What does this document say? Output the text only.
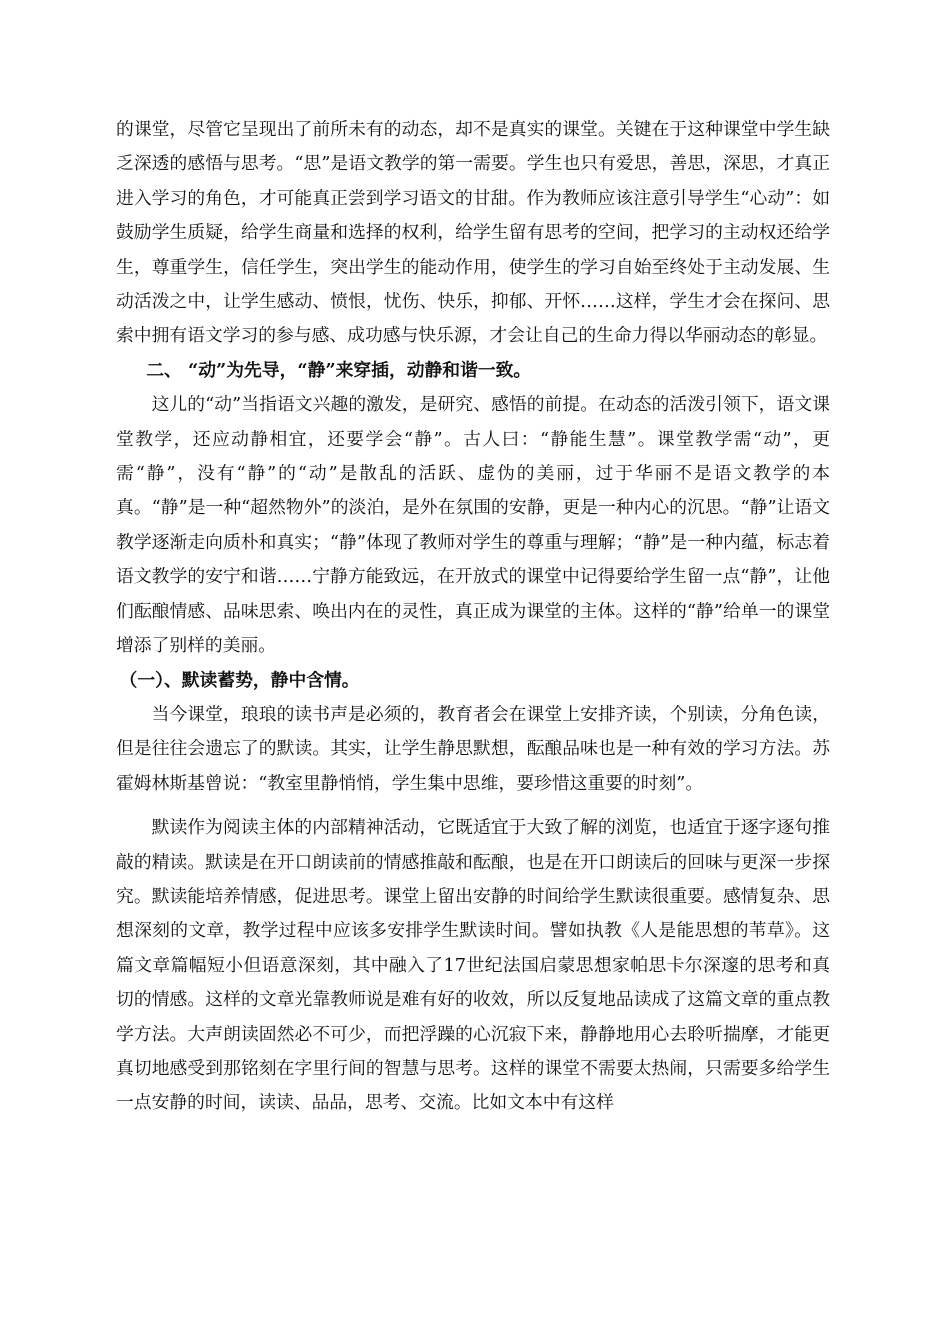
的课堂，尽管它呈现出了前所未有的动态，却不是真实的课堂。关键在于这种课堂中学生缺乏深透的感悟与思考。“思”是语文教学的第一需要。学生也只有爱思，善思，深思，才真正进入学习的角色，才可能真正尝到学习语文的甘甜。作为教师应该注意引导学生“心动”：如鼓励学生质疑，给学生商量和选择的权利，给学生留有思考的空间，把学习的主动权还给学生，尊重学生，信任学生，突出学生的能动作用，使学生的学习自始至终处于主动发展、生动活泼之中，让学生感动、愤恨，忧伤、快乐，抑郁、开怀……这样，学生才会在探问、思索中拥有语文学习的参与感、成功感与快乐源，才会让自己的生命力得以华丽动态的彰显。

二、 “动”为先导，“静”来穿插，动静和谐一致。

这儿的“动”当指语文兴趣的激发，是研究、感悟的前提。在动态的活泼引领下，语文课堂教学，还应动静相宜，还要学会“静”。古人曰：“静能生慧”。课堂教学需“动”，更需“静”，没有“静”的“动”是散乱的活跃、虚伪的美丽，过于华丽不是语文教学的本真。“静”是一种“超然物外”的淡泊，是外在氛围的安静，更是一种内心的沉思。“静”让语文教学逐渐走向质朴和真实；“静”体现了教师对学生的尊重与理解；“静”是一种内蕴，标志着语文教学的安宁和谐……宁静方能致远，在开放式的课堂中记得要给学生留一点“静”，让他们酝酿情感、品味思索、唤出内在的灵性，真正成为课堂的主体。这样的“静”给单一的课堂增添了别样的美丽。

（一）、默读蓄势，静中含情。

当今课堂，琅琅的读书声是必须的，教育者会在课堂上安排齐读，个别读，分角色读，但是往往会遗忘了的默读。其实，让学生静思默想，酝酿品味也是一种有效的学习方法。苏霍姆林斯基曾说：“教室里静悄悄，学生集中思维，要珍惜这重要的时刻”。

默读作为阅读主体的内部精神活动，它既适宜于大致了解的浏览，也适宜于逐字逐句推敲的精读。默读是在开口朗读前的情感推敲和酝酿，也是在开口朗读后的回味与更深一步探究。默读能培养情感，促进思考。课堂上留出安静的时间给学生默读很重要。感情复杂、思想深刻的文章，教学过程中应该多安排学生默读时间。譬如执教《人是能思想的苇草》。这篇文章篇幅短小但语意深刻，其中融入了17世纪法国启蒙思想家帕思卡尔深邃的思考和真切的情感。这样的文章光靠教师说是难有好的收效，所以反复地品读成了这篇文章的重点教学方法。大声朗读固然必不可少，而把浮躁的心沉寂下来，静静地用心去聆听揣摩，才能更真切地感受到那铭刻在字里行间的智慧与思考。这样的课堂不需要太热闹，只需要多给学生一点安静的时间，读读、品品，思考、交流。比如文本中有这样
